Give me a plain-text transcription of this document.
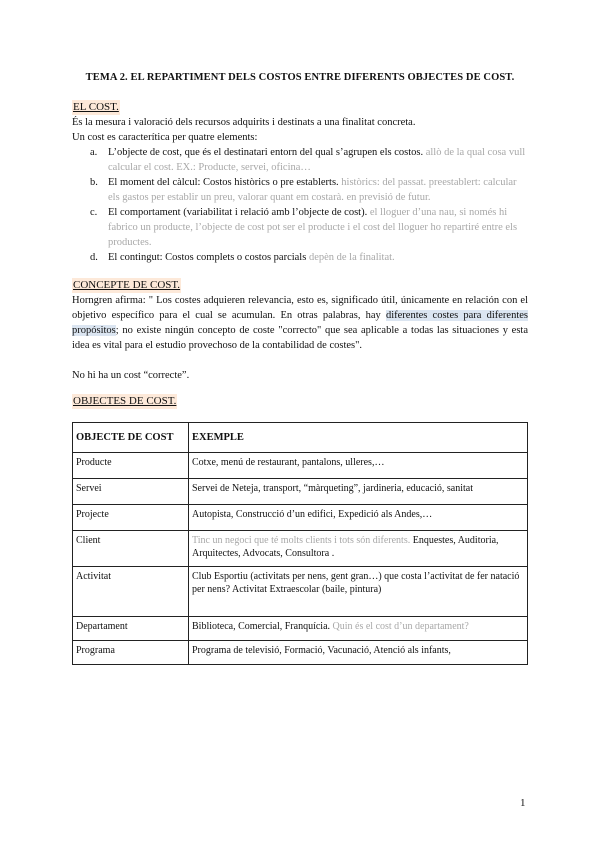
TEMA 2. EL REPARTIMENT DELS COSTOS ENTRE DIFERENTS OBJECTES DE COST.
EL COST.
És la mesura i valoració dels recursos adquirits i destinats a una finalitat concreta.
Un cost es caracterítica per quatre elements:
a. L’objecte de cost, que és el destinatari entorn del qual s’agrupen els costos. allò de la qual cosa vull calcular el cost. EX.: Producte, servei, oficina…
b. El moment del càlcul: Costos històrics o pre establerts. històrics: del passat. preestablert: calcular els gastos per establir un preu, valorar quant em costarà. en previsió de futur.
c. El comportament (variabilitat i relació amb l’objecte de cost). el lloguer d’una nau, si només hi fabrico un producte, l’objecte de cost pot ser el producte i el cost del lloguer ho repartiré entre els productes.
d. El contingut: Costos complets o costos parcials depèn de la finalitat.
CONCEPTE DE COST.
Horngren afirma: " Los costes adquieren relevancia, esto es, significado útil, únicamente en relación con el objetivo específico para el cual se acumulan. En otras palabras, hay diferentes costes para diferentes propósitos; no existe ningún concepto de coste "correcto" que sea aplicable a todas las situaciones y esta idea es vital para el estudio provechoso de la contabilidad de costes".
No hi ha un cost “correcte”.
OBJECTES DE COST.
OBJECTE DE COST	EXEMPLE
Producte	Cotxe, menú de restaurant, pantalons, ulleres,…
Servei	Servei de Neteja, transport, “màrqueting”, jardineria, educació, sanitat
Projecte	Autopista, Construcció d’un edifici, Expedició als Andes,…
Client	Tinc un negoci que té molts clients i tots són diferents. Enquestes, Auditoria, Arquitectes, Advocats, Consultora .
Activitat	Club Esportiu (activitats per nens, gent gran…) que costa l’activitat de fer natació per nens? Activitat Extraescolar (baile, pintura)
Departament	Biblioteca, Comercial, Franquícia. Quin és el cost d’un departament?
Programa	Programa de televisió, Formació, Vacunació, Atenció als infants,
1
